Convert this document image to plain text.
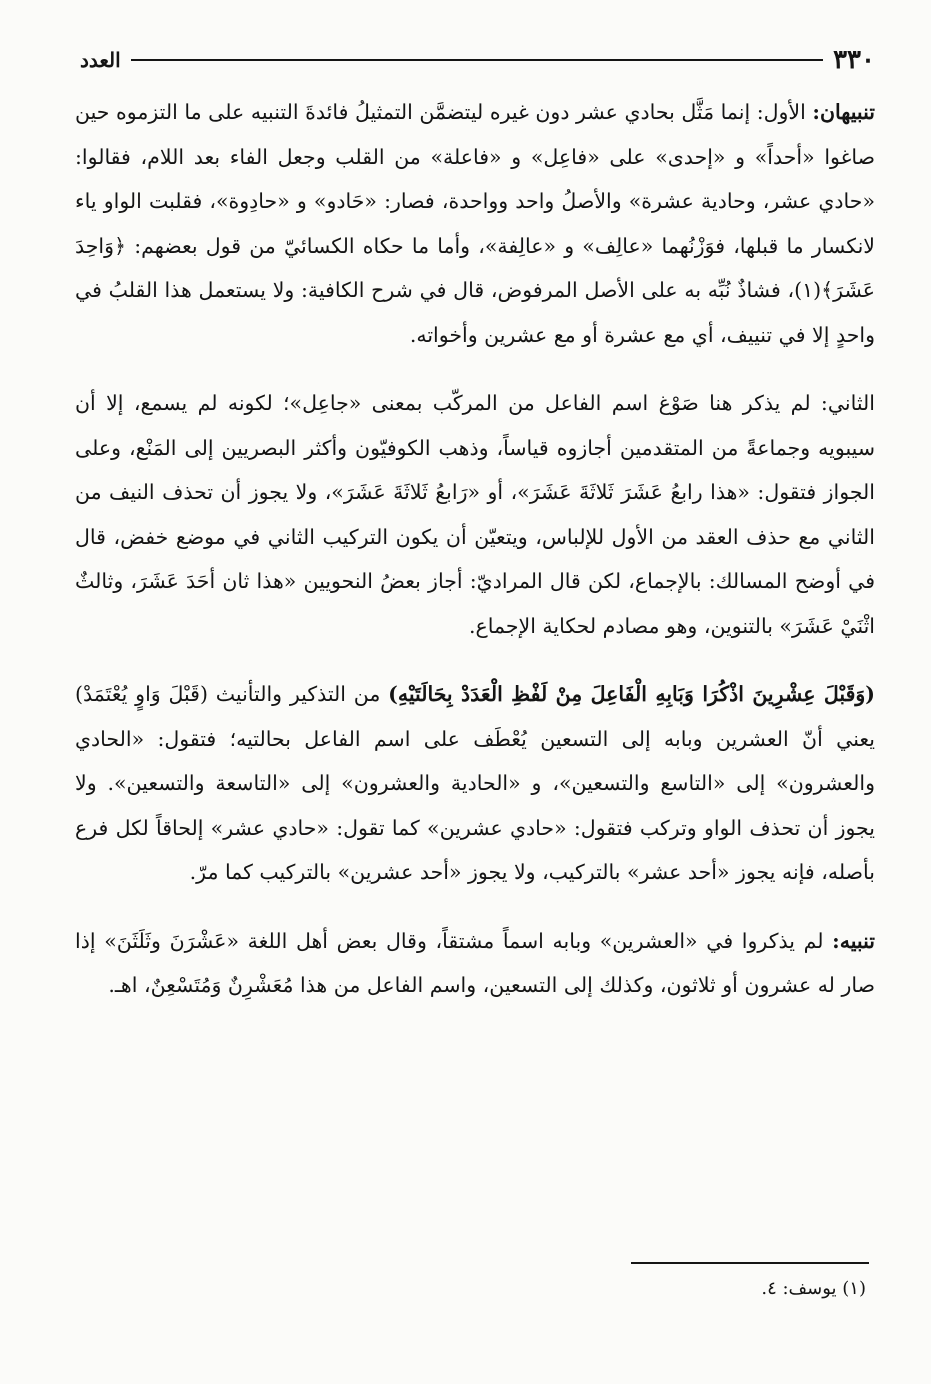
٣٣٠
العدد

تنبيهان: الأول: إنما مَثَّل بحادي عشر دون غيره ليتضمَّن التمثيلُ فائدةَ التنبيه على ما التزموه حين صاغوا «أحداً» و «إحدى» على «فاعِل» و «فاعلة» من القلب وجعل الفاء بعد اللام، فقالوا: «حادي عشر، وحادية عشرة» والأصلُ واحد وواحدة، فصار: «حَادو» و «حادِوة»، فقلبت الواو ياء لانكسار ما قبلها، فوَزْنُهما «عالِف» و «عالِفة»، وأما ما حكاه الكسائيّ من قول بعضهم: ﴿وَاحِدَ عَشَرَ﴾(١)، فشاذٌ نُبِّه به على الأصل المرفوض، قال في شرح الكافية: ولا يستعمل هذا القلبُ في واحدٍ إلا في تنييف، أي مع عشرة أو مع عشرين وأخواته.

الثاني: لم يذكر هنا صَوْغ اسم الفاعل من المركّب بمعنى «جاعِل»؛ لكونه لم يسمع، إلا أن سيبويه وجماعةً من المتقدمين أجازوه قياساً، وذهب الكوفيّون وأكثر البصريين إلى المَنْع، وعلى الجواز فتقول: «هذا رابعُ عَشَرَ ثَلاثَةَ عَشَرَ»، أو «رَابعُ ثَلاثَةَ عَشَرَ»، ولا يجوز أن تحذف النيف من الثاني مع حذف العقد من الأول للإلباس، ويتعيّن أن يكون التركيب الثاني في موضع خفض، قال في أوضح المسالك: بالإجماع، لكن قال المراديّ: أجاز بعضُ النحويين «هذا ثان أحَدَ عَشَرَ، وثالثٌ اثْنَيْ عَشَرَ» بالتنوين، وهو مصادم لحكاية الإجماع.

(وَقَبْلَ عِشْرِينَ اذْكُرَا وَبَابِهِ الْفَاعِلَ مِنْ لَفْظِ الْعَدَدْ بِحَالَتَيْهِ) من التذكير والتأنيث (قَبْلَ وَاوٍ يُعْتَمَدْ) يعني أنّ العشرين وبابه إلى التسعين يُعْطَف على اسم الفاعل بحالتيه؛ فتقول: «الحادي والعشرون» إلى «التاسع والتسعين»، و «الحادية والعشرون» إلى «التاسعة والتسعين». ولا يجوز أن تحذف الواو وتركب فتقول: «حادي عشرين» كما تقول: «حادي عشر» إلحاقاً لكل فرع بأصله، فإنه يجوز «أحد عشر» بالتركيب، ولا يجوز «أحد عشرين» بالتركيب كما مرّ.

تنبيه: لم يذكروا في «العشرين» وبابه اسماً مشتقاً، وقال بعض أهل اللغة «عَشْرَنَ وثَلَثَنَ» إذا صار له عشرون أو ثلاثون، وكذلك إلى التسعين، واسم الفاعل من هذا مُعَشْرِنٌ وَمُتَسْعِنٌ، اهـ.

(١) يوسف: ٤.
